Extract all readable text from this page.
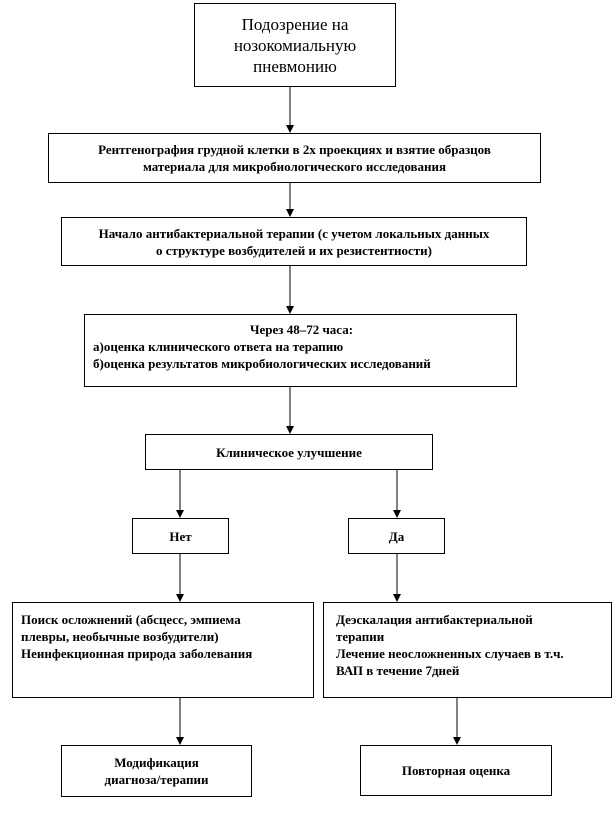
Подозрение на
нозокомиальную
пневмонию
Рентгенография грудной клетки в 2х проекциях и взятие образцов
материала для микробиологического исследования
Начало антибактериальной терапии (с учетом локальных данных
о структуре возбудителей и их резистентности)
Через 48–72 часа:
а)оценка клинического ответа на терапию
б)оценка результатов микробиологических исследований
Клиническое улучшение
Нет	Да
Поиск осложнений (абсцесс, эмпиема
плевры, необычные возбудители)
Неинфекционная природа заболевания
Деэскалация антибактериальной
терапии
Лечение неосложненных случаев в т.ч.
ВАП в течение 7дней
Модификация
диагноза/терапии
Повторная оценка
